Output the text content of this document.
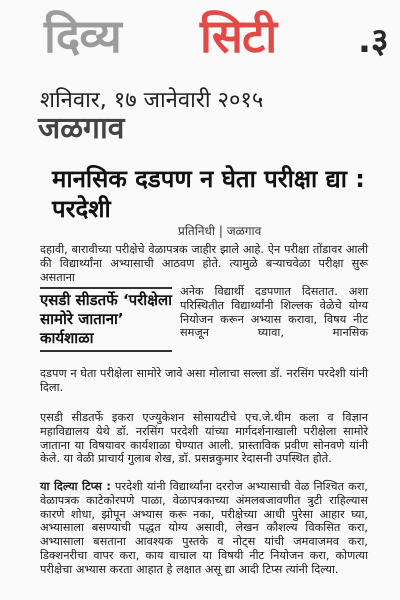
दिव्य सिटी .३
शनिवार, १७ जानेवारी २०१५
जळगाव
मानसिक दडपण न घेता परीक्षा द्या : परदेशी
प्रतिनिधी | जळगाव

दहावी, बारावीच्या परीक्षेचे वेळापत्रक जाहीर झाले आहे. ऐन परीक्षा तोंडावर आली की विद्यार्थ्यांना अभ्यासाची आठवण होते. त्यामुळे बऱ्याचवेळा परीक्षा सुरू असताना

एसडी सीडतर्फे ‘परीक्षेला सामोरे जाताना’ कार्यशाळा

अनेक विद्यार्थी दडपणात दिसतात. अशा परिस्थितीत विद्यार्थ्यांनी शिल्लक वेळेचे योग्य नियोजन करून अभ्यास करावा, विषय नीट समजून घ्यावा, मानसिक

दडपण न घेता परीक्षेला सामोरे जावे असा मोलाचा सल्ला डॉ. नरसिंग परदेशी यांनी दिला.

एसडी सीडतर्फे इकरा एज्युकेशन सोसायटीचे एच.जे.थीम कला व विज्ञान महाविद्यालय येथे डॉ. नरसिंग परदेशी यांच्या मार्गदर्शनाखाली परीक्षेला सामोरे जाताना या विषयावर कार्यशाळा घेण्यात आली. प्रास्ताविक प्रवीण सोनवणे यांनी केले. या वेळी प्राचार्य गुलाब शेख, डॉ. प्रसन्नकुमार रेदासनी उपस्थित होते.

या दिल्या टिप्स : परदेशी यांनी विद्यार्थ्यांना दररोज अभ्यासाची वेळ निश्चित करा, वेळापत्रक काटेकोरपणे पाळा, वेळापत्रकाच्या अंमलबजावणीत त्रुटी राहिल्यास कारणे शोधा, झोपून अभ्यास करू नका, परीक्षेच्या आधी पुरेसा आहार घ्या, अभ्यासाला बसण्याची पद्धत योग्य असावी, लेखन कौशल्य विकसित करा, अभ्यासाला बसताना आवश्यक पुस्तके व नोट्स यांची जमवाजमव करा, डिक्शनरीचा वापर करा, काय वाचाल या विषयी नीट नियोजन करा, कोणत्या परीक्षेचा अभ्यास करता आहात हे लक्षात असू द्या आदी टिप्स त्यांनी दिल्या.
